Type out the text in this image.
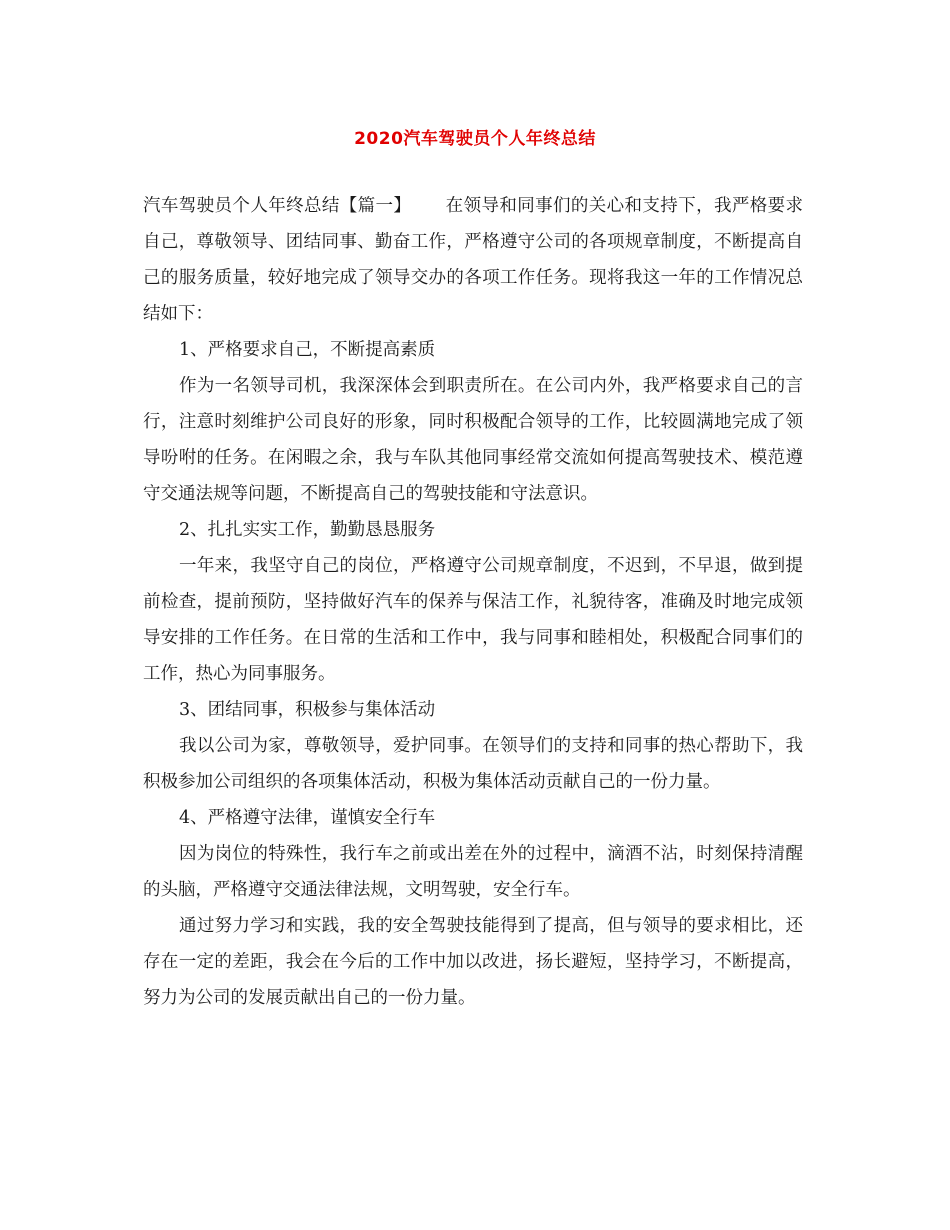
2020汽车驾驶员个人年终总结

汽车驾驶员个人年终总结【篇一】 在领导和同事们的关心和支持下，我严格要求自己，尊敬领导、团结同事、勤奋工作，严格遵守公司的各项规章制度，不断提高自己的服务质量，较好地完成了领导交办的各项工作任务。现将我这一年的工作情况总结如下：

1、严格要求自己，不断提高素质

作为一名领导司机，我深深体会到职责所在。在公司内外，我严格要求自己的言行，注意时刻维护公司良好的形象，同时积极配合领导的工作，比较圆满地完成了领导吩咐的任务。在闲暇之余，我与车队其他同事经常交流如何提高驾驶技术、模范遵守交通法规等问题，不断提高自己的驾驶技能和守法意识。

2、扎扎实实工作，勤勤恳恳服务

一年来，我坚守自己的岗位，严格遵守公司规章制度，不迟到，不早退，做到提前检查，提前预防，坚持做好汽车的保养与保洁工作，礼貌待客，准确及时地完成领导安排的工作任务。在日常的生活和工作中，我与同事和睦相处，积极配合同事们的工作，热心为同事服务。

3、团结同事，积极参与集体活动

我以公司为家，尊敬领导，爱护同事。在领导们的支持和同事的热心帮助下，我积极参加公司组织的各项集体活动，积极为集体活动贡献自己的一份力量。

4、严格遵守法律，谨慎安全行车

因为岗位的特殊性，我行车之前或出差在外的过程中，滴酒不沾，时刻保持清醒的头脑，严格遵守交通法律法规，文明驾驶，安全行车。

通过努力学习和实践，我的安全驾驶技能得到了提高，但与领导的要求相比，还存在一定的差距，我会在今后的工作中加以改进，扬长避短，坚持学习，不断提高，努力为公司的发展贡献出自己的一份力量。
